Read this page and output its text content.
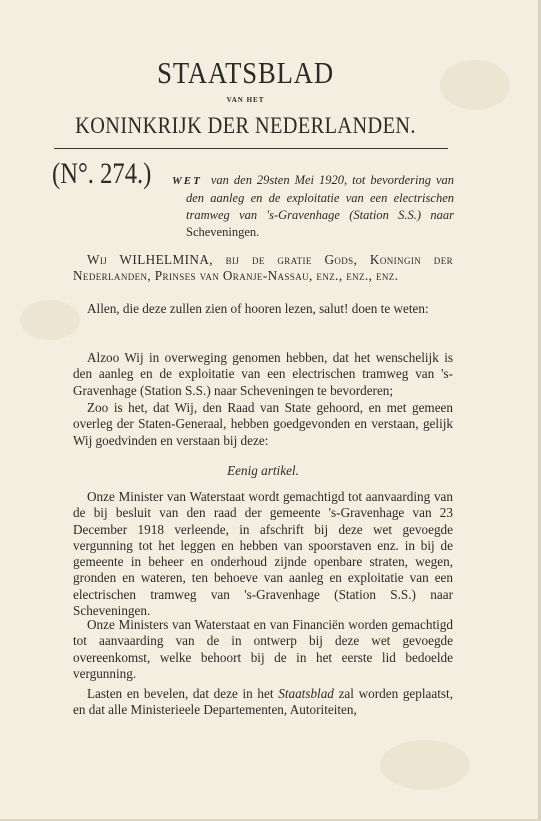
STAATSBLAD
VAN HET
KONINKRIJK DER NEDERLANDEN.
(N°. 274.) WET van den 29sten Mei 1920, tot bevordering van den aanleg en de exploitatie van een electrischen tramweg van 's-Gravenhage (Station S.S.) naar Scheveningen.

Wij WILHELMINA, bij de gratie Gods, Koningin der Nederlanden, Prinses van Oranje-Nassau, enz., enz., enz.

Allen, die deze zullen zien of hooren lezen, salut! doen te weten:

Alzoo Wij in overweging genomen hebben, dat het wenschelijk is den aanleg en de exploitatie van een electrischen tramweg van 's-Gravenhage (Station S.S.) naar Scheveningen te bevorderen;

Zoo is het, dat Wij, den Raad van State gehoord, en met gemeen overleg der Staten-Generaal, hebben goedgevonden en verstaan, gelijk Wij goedvinden en verstaan bij deze:

Eenig artikel.

Onze Minister van Waterstaat wordt gemachtigd tot aanvaarding van de bij besluit van den raad der gemeente 's-Gravenhage van 23 December 1918 verleende, in afschrift bij deze wet gevoegde vergunning tot het leggen en hebben van spoorstaven enz. in bij de gemeente in beheer en onderhoud zijnde openbare straten, wegen, gronden en wateren, ten behoeve van aanleg en exploitatie van een electrischen tramweg van 's-Gravenhage (Station S.S.) naar Scheveningen.

Onze Ministers van Waterstaat en van Financiën worden gemachtigd tot aanvaarding van de in ontwerp bij deze wet gevoegde overeenkomst, welke behoort bij de in het eerste lid bedoelde vergunning.

Lasten en bevelen, dat deze in het Staatsblad zal worden geplaatst, en dat alle Ministerieele Departementen, Autoriteiten,
